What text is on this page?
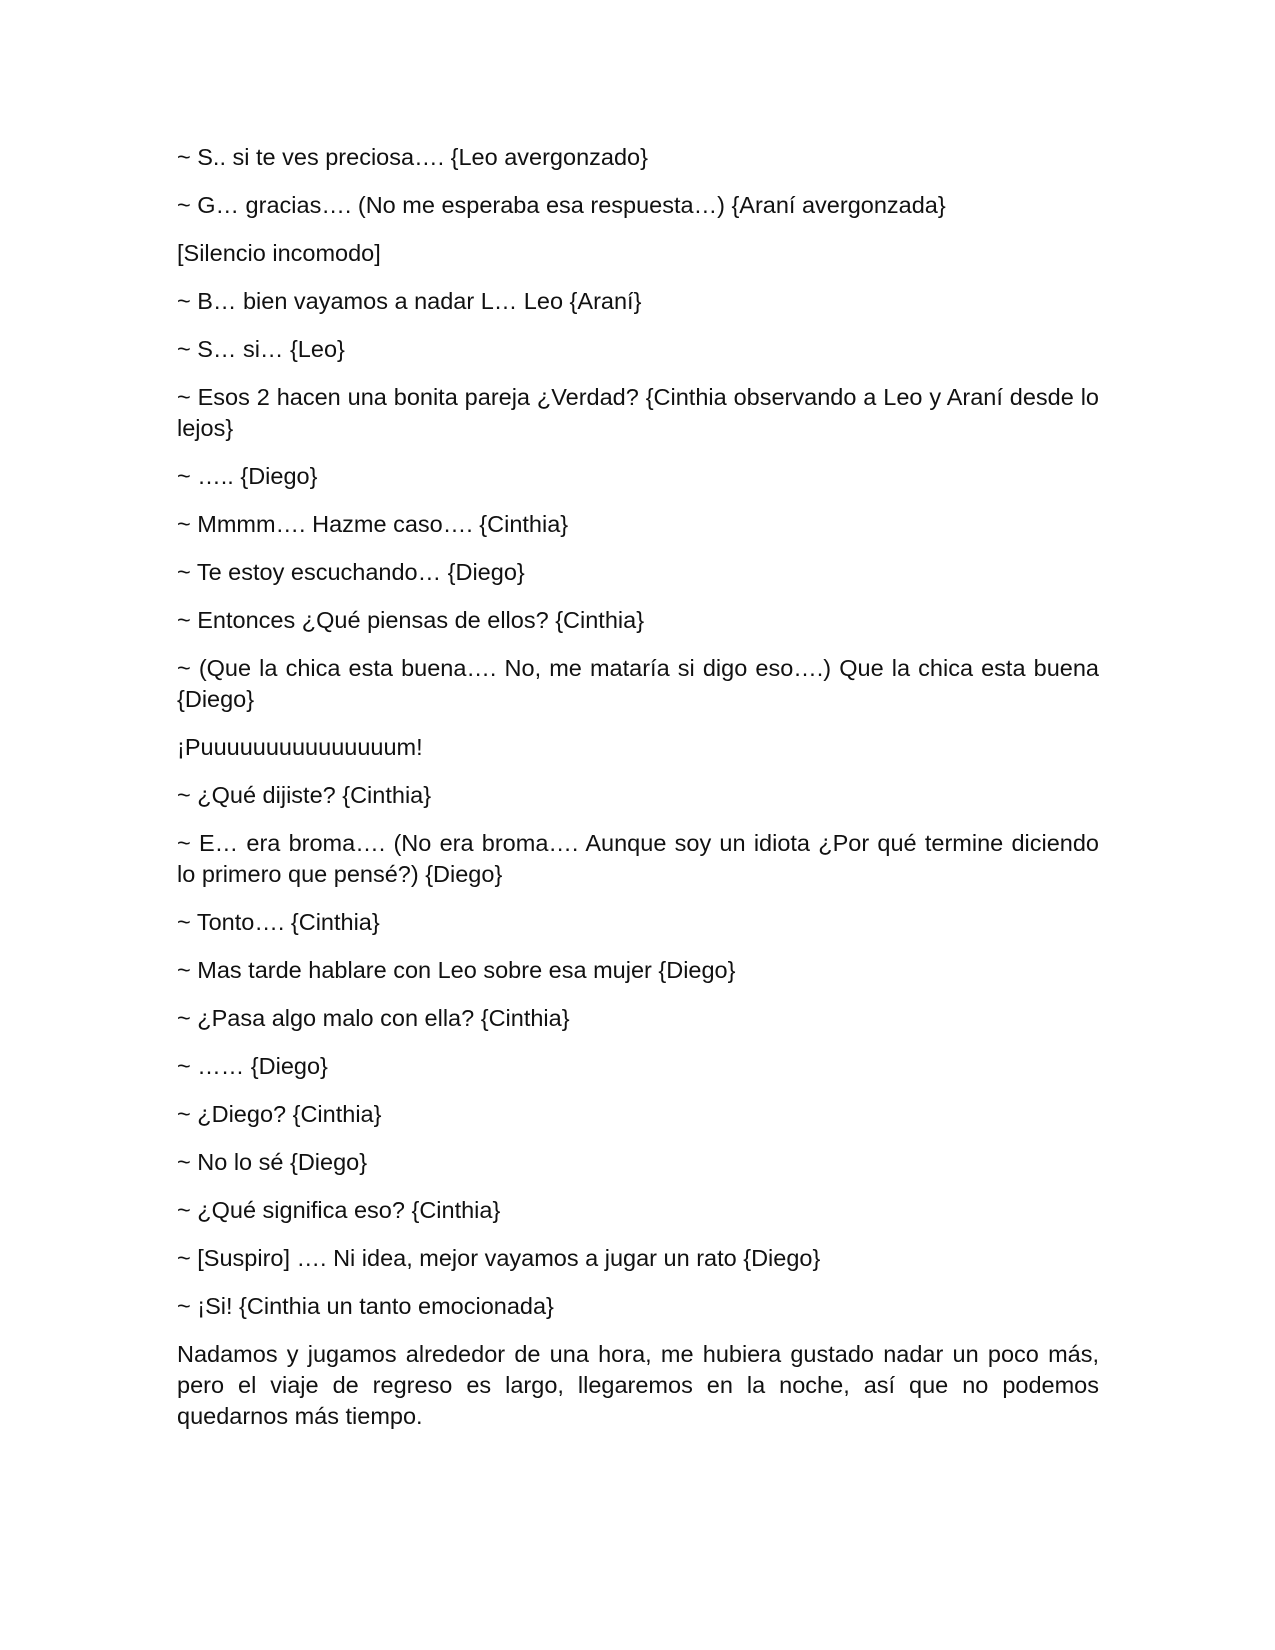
~ S.. si te ves preciosa…. {Leo avergonzado}

~ G… gracias…. (No me esperaba esa respuesta…) {Araní avergonzada}

[Silencio incomodo]

~ B… bien vayamos a nadar L… Leo {Araní}

~ S… si… {Leo}

~ Esos 2 hacen una bonita pareja ¿Verdad? {Cinthia observando a Leo y Araní desde lo lejos}

~ ….. {Diego}

~ Mmmm…. Hazme caso…. {Cinthia}

~ Te estoy escuchando… {Diego}

~ Entonces ¿Qué piensas de ellos? {Cinthia}

~ (Que la chica esta buena…. No, me mataría si digo eso….) Que la chica esta buena {Diego}

¡Puuuuuuuuuuuuuuum!

~ ¿Qué dijiste? {Cinthia}

~ E… era broma…. (No era broma…. Aunque soy un idiota ¿Por qué termine diciendo lo primero que pensé?) {Diego}

~ Tonto…. {Cinthia}

~ Mas tarde hablare con Leo sobre esa mujer {Diego}

~ ¿Pasa algo malo con ella? {Cinthia}

~ …… {Diego}

~ ¿Diego? {Cinthia}

~ No lo sé {Diego}

~ ¿Qué significa eso? {Cinthia}

~ [Suspiro] …. Ni idea, mejor vayamos a jugar un rato {Diego}

~ ¡Si! {Cinthia un tanto emocionada}

Nadamos y jugamos alrededor de una hora, me hubiera gustado nadar un poco más, pero el viaje de regreso es largo, llegaremos en la noche, así que no podemos quedarnos más tiempo.
